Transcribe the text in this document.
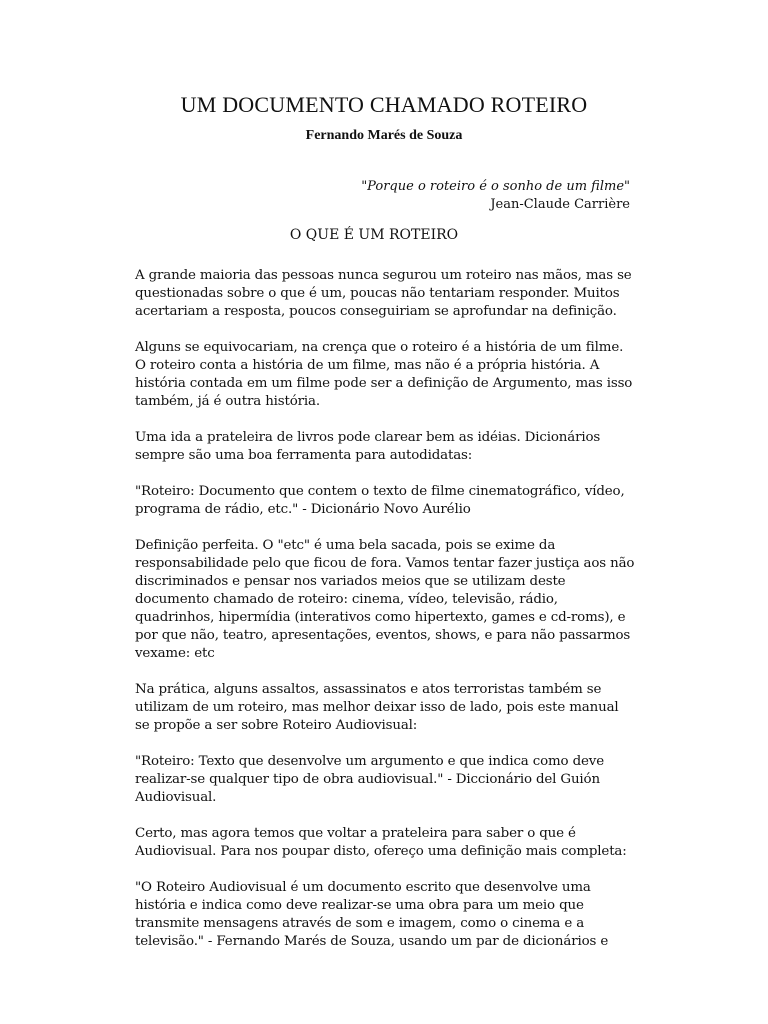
UM DOCUMENTO CHAMADO ROTEIRO
Fernando Marés de Souza
"Porque o roteiro é o sonho de um filme"
Jean-Claude Carrière
O QUE É UM ROTEIRO

A grande maioria das pessoas nunca segurou um roteiro nas mãos, mas se questionadas sobre o que é um, poucas não tentariam responder. Muitos acertariam a resposta, poucos conseguiriam se aprofundar na definição.

Alguns se equivocariam, na crença que o roteiro é a história de um filme. O roteiro conta a história de um filme, mas não é a própria história. A história contada em um filme pode ser a definição de Argumento, mas isso também, já é outra história.

Uma ida a prateleira de livros pode clarear bem as idéias. Dicionários sempre são uma boa ferramenta para autodidatas:

"Roteiro: Documento que contem o texto de filme cinematográfico, vídeo, programa de rádio, etc." - Dicionário Novo Aurélio

Definição perfeita. O "etc" é uma bela sacada, pois se exime da responsabilidade pelo que ficou de fora. Vamos tentar fazer justiça aos não discriminados e pensar nos variados meios que se utilizam deste documento chamado de roteiro: cinema, vídeo, televisão, rádio, quadrinhos, hipermídia (interativos como hipertexto, games e cd-roms), e por que não, teatro, apresentações, eventos, shows, e para não passarmos vexame: etc

Na prática, alguns assaltos, assassinatos e atos terroristas também se utilizam de um roteiro, mas melhor deixar isso de lado, pois este manual se propõe a ser sobre Roteiro Audiovisual:

"Roteiro: Texto que desenvolve um argumento e que indica como deve realizar-se qualquer tipo de obra audiovisual." - Diccionário del Guión Audiovisual.

Certo, mas agora temos que voltar a prateleira para saber o que é Audiovisual. Para nos poupar disto, ofereço uma definição mais completa:

"O Roteiro Audiovisual é um documento escrito que desenvolve uma história e indica como deve realizar-se uma obra para um meio que transmite mensagens através de som e imagem, como o cinema e a televisão." - Fernando Marés de Souza, usando um par de dicionários e
